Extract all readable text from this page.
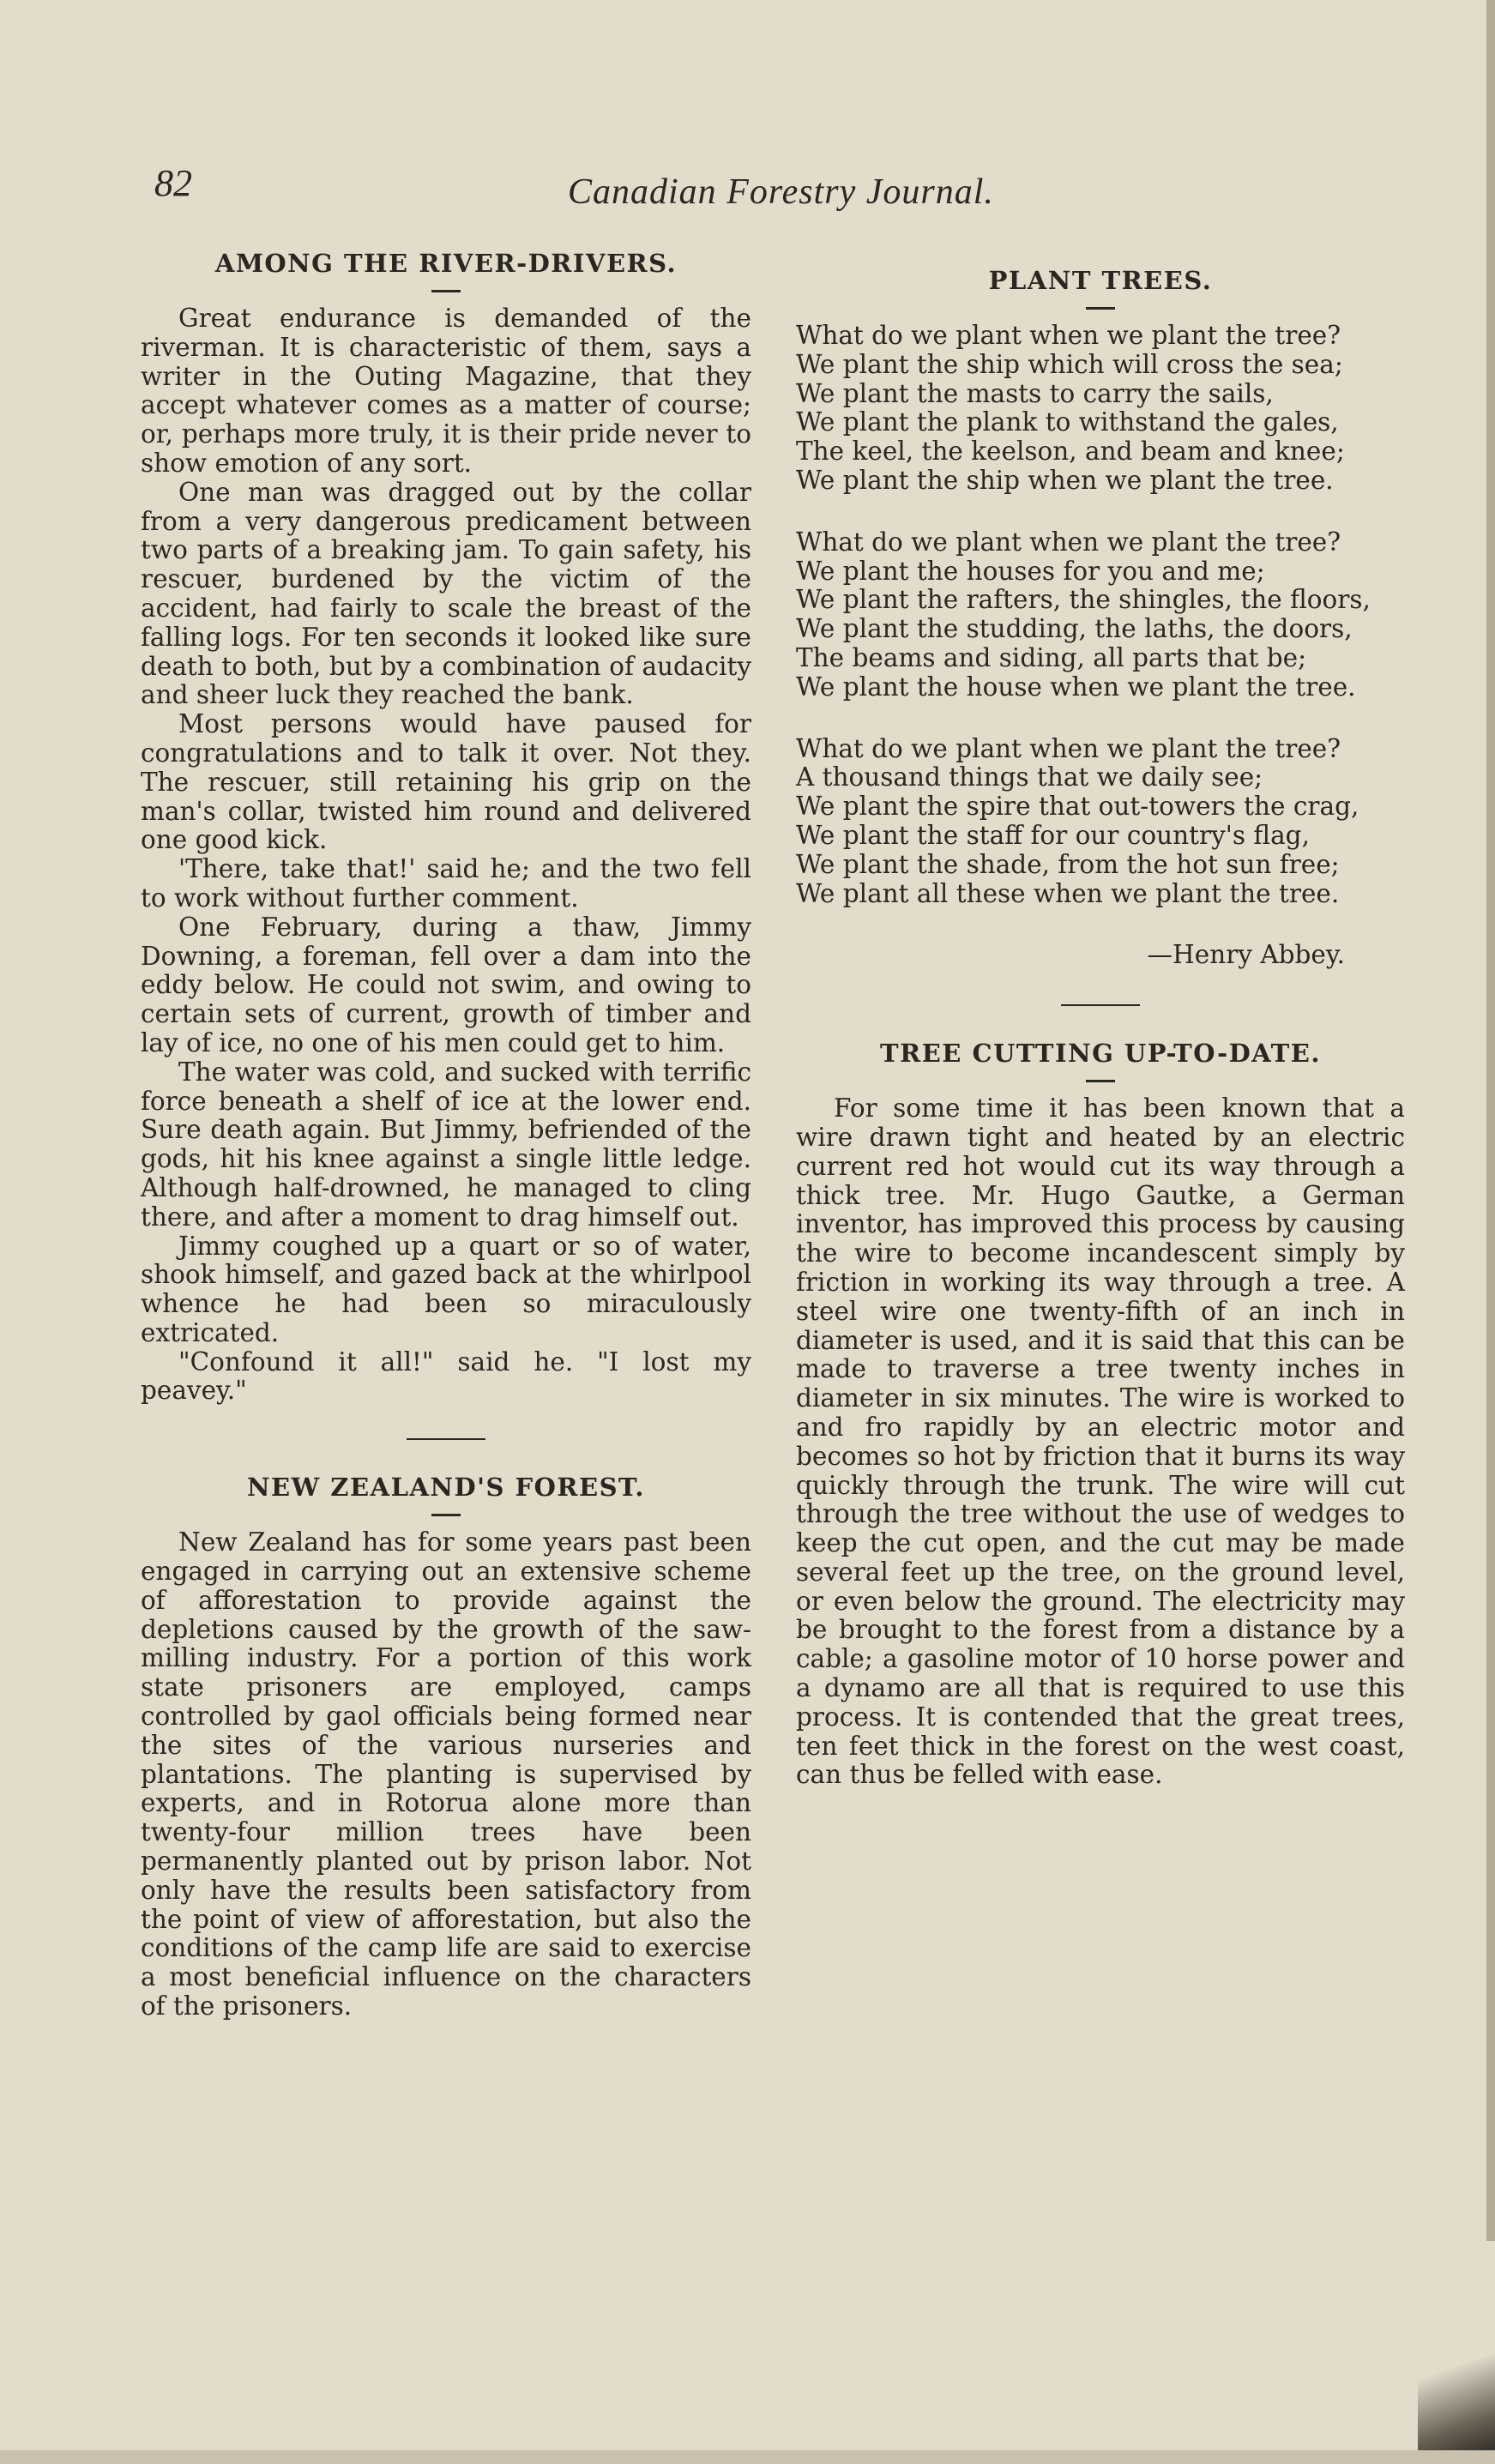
82	Canadian Forestry Journal.
AMONG THE RIVER-DRIVERS.

Great endurance is demanded of the riverman. It is characteristic of them, says a writer in the Outing Magazine, that they accept whatever comes as a matter of course; or, perhaps more truly, it is their pride never to show emotion of any sort.

One man was dragged out by the collar from a very dangerous predicament between two parts of a breaking jam. To gain safety, his rescuer, burdened by the victim of the accident, had fairly to scale the breast of the falling logs. For ten seconds it looked like sure death to both, but by a combination of audacity and sheer luck they reached the bank.

Most persons would have paused for congratulations and to talk it over. Not they. The rescuer, still retaining his grip on the man's collar, twisted him round and delivered one good kick.

'There, take that!' said he; and the two fell to work without further comment.

One February, during a thaw, Jimmy Downing, a foreman, fell over a dam into the eddy below. He could not swim, and owing to certain sets of current, growth of timber and lay of ice, no one of his men could get to him.

The water was cold, and sucked with terrific force beneath a shelf of ice at the lower end. Sure death again. But Jimmy, befriended of the gods, hit his knee against a single little ledge. Although half-drowned, he managed to cling there, and after a moment to drag himself out.

Jimmy coughed up a quart or so of water, shook himself, and gazed back at the whirlpool whence he had been so miraculously extricated.

"Confound it all!" said he. "I lost my peavey."

NEW ZEALAND'S FOREST.

New Zealand has for some years past been engaged in carrying out an extensive scheme of afforestation to provide against the depletions caused by the growth of the saw-milling industry. For a portion of this work state prisoners are employed, camps controlled by gaol officials being formed near the sites of the various nurseries and plantations. The planting is supervised by experts, and in Rotorua alone more than twenty-four million trees have been permanently planted out by prison labor. Not only have the results been satisfactory from the point of view of afforestation, but also the conditions of the camp life are said to exercise a most beneficial influence on the characters of the prisoners.

PLANT TREES.

What do we plant when we plant the tree?

We plant the ship which will cross the sea;

We plant the masts to carry the sails,

We plant the plank to withstand the gales,

The keel, the keelson, and beam and knee;

We plant the ship when we plant the tree.

What do we plant when we plant the tree?

We plant the houses for you and me;

We plant the rafters, the shingles, the floors,

We plant the studding, the laths, the doors,

The beams and siding, all parts that be;

We plant the house when we plant the tree.

What do we plant when we plant the tree?

A thousand things that we daily see;

We plant the spire that out-towers the crag,

We plant the staff for our country's flag,

We plant the shade, from the hot sun free;

We plant all these when we plant the tree.

—Henry Abbey.

TREE CUTTING UP-TO-DATE.

For some time it has been known that a wire drawn tight and heated by an electric current red hot would cut its way through a thick tree. Mr. Hugo Gautke, a German inventor, has improved this process by causing the wire to become incandescent simply by friction in working its way through a tree. A steel wire one twenty-fifth of an inch in diameter is used, and it is said that this can be made to traverse a tree twenty inches in diameter in six minutes. The wire is worked to and fro rapidly by an electric motor and becomes so hot by friction that it burns its way quickly through the trunk. The wire will cut through the tree without the use of wedges to keep the cut open, and the cut may be made several feet up the tree, on the ground level, or even below the ground. The electricity may be brought to the forest from a distance by a cable; a gasoline motor of 10 horse power and a dynamo are all that is required to use this process. It is contended that the great trees, ten feet thick in the forest on the west coast, can thus be felled with ease.
